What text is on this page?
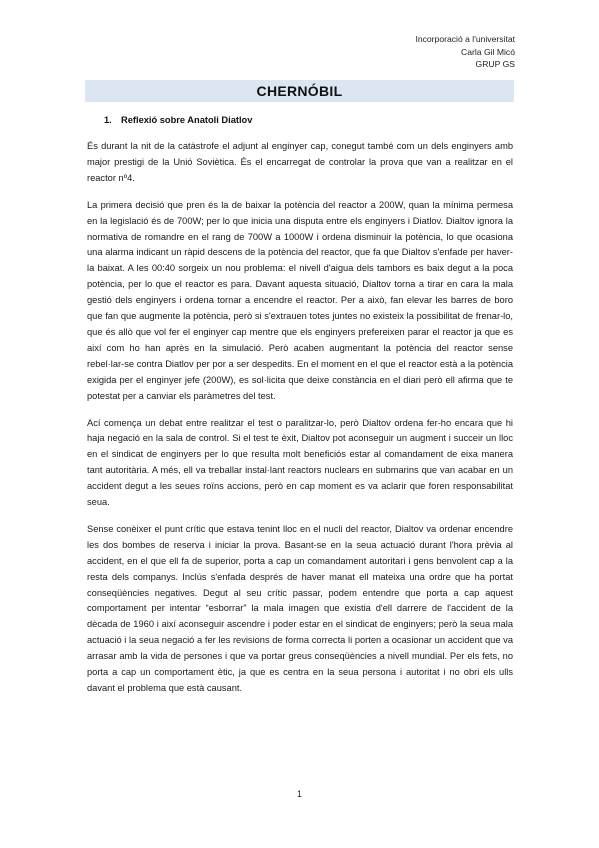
Incorporació a l'universitat
Carla Gil Micó
GRUP GS
CHERNÓBIL
1. Reflexió sobre Anatoli Diatlov

És durant la nit de la catàstrofe el adjunt al enginyer cap, conegut també com un dels enginyers amb major prestigi de la Unió Soviètica. És el encarregat de controlar la prova que van a realitzar en el reactor nº4.

La primera decisió que pren és la de baixar la potència del reactor a 200W, quan la mínima permesa en la legislació és de 700W; per lo que inicia una disputa entre els enginyers i Diatlov. Dialtov ignora la normativa de romandre en el rang de 700W a 1000W i ordena disminuir la potència, lo que ocasiona una alarma indicant un ràpid descens de la potència del reactor, que fa que Dialtov s'enfade per haver-la baixat. A les 00:40 sorgeix un nou problema: el nivell d'aigua dels tambors es baix degut a la poca potència, per lo que el reactor es para. Davant aquesta situació, Dialtov torna a tirar en cara la mala gestió dels enginyers i ordena tornar a encendre el reactor. Per a això, fan elevar les barres de boro que fan que augmente la potència, però si s'extrauen totes juntes no existeix la possibilitat de frenar-lo, que és allò que vol fer el enginyer cap mentre que els enginyers prefereixen parar el reactor ja que es així com ho han après en la simulació. Però acaben augmentant la potència del reactor sense rebel·lar-se contra Diatlov per por a ser despedits. En el moment en el que el reactor està a la potència exigida per el enginyer jefe (200W), es sol·licita que deixe constància en el diari però ell afirma que te potestat per a canviar els paràmetres del test.

Ací comença un debat entre realitzar el test o paralitzar-lo, però Dialtov ordena fer-ho encara que hi haja negació en la sala de control. Si el test te èxit, Dialtov pot aconseguir un augment i succeir un lloc en el sindicat de enginyers per lo que resulta molt beneficiós estar al comandament de eixa manera tant autoritària. A més, ell va treballar instal·lant reactors nuclears en submarins que van acabar en un accident degut a les seues roïns accions, però en cap moment es va aclarir que foren responsabilitat seua.

Sense conèixer el punt crític que estava tenint lloc en el nucli del reactor, Dialtov va ordenar encendre les dos bombes de reserva i iniciar la prova. Basant-se en la seua actuació durant l'hora prèvia al accident, en el que ell fa de superior, porta a cap un comandament autoritari i gens benvolent cap a la resta dels companys. Inclús s'enfada després de haver manat ell mateixa una ordre que ha portat conseqüències negatives. Degut al seu crític passar, podem entendre que porta a cap aquest comportament per intentar “esborrar” la mala imagen que existia d'ell darrere de l'accident de la dècada de 1960 i així aconseguir ascendre i poder estar en el sindicat de enginyers; però la seua mala actuació i la seua negació a fer les revisions de forma correcta li porten a ocasionar un accident que va arrasar amb la vida de persones i que va portar greus conseqüències a nivell mundial. Per els fets, no porta a cap un comportament ètic, ja que es centra en la seua persona i autoritat i no obri els ulls davant el problema que està causant.

1
